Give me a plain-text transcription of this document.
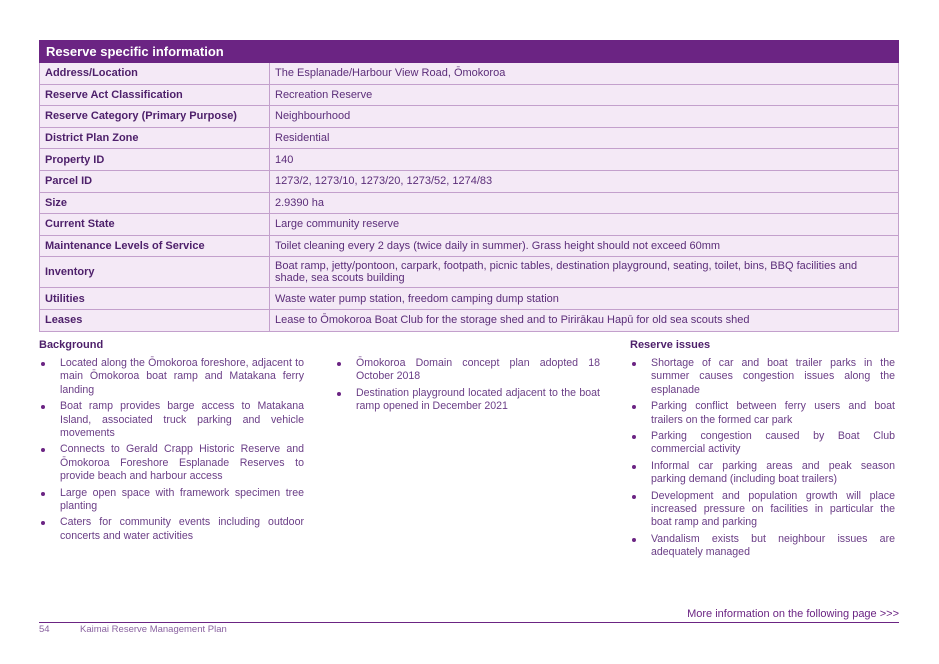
Reserve specific information	
Address/Location	The Esplanade/Harbour View Road, Ōmokoroa
Reserve Act Classification	Recreation Reserve
Reserve Category (Primary Purpose)	Neighbourhood
District Plan Zone	Residential
Property ID	140
Parcel ID	1273/2, 1273/10, 1273/20, 1273/52, 1274/83
Size	2.9390 ha
Current State	Large community reserve
Maintenance Levels of Service	Toilet cleaning every 2 days (twice daily in summer). Grass height should not exceed 60mm
Inventory	Boat ramp, jetty/pontoon, carpark, footpath, picnic tables, destination playground, seating, toilet, bins, BBQ facilities and shade, sea scouts building
Utilities	Waste water pump station, freedom camping dump station
Leases	Lease to Ōmokoroa Boat Club for the storage shed and to Pirirākau Hapū for old sea scouts shed
Background
Located along the Ōmokoroa foreshore, adjacent to main Ōmokoroa boat ramp and Matakana ferry landing
Boat ramp provides barge access to Matakana Island, associated truck parking and vehicle movements
Connects to Gerald Crapp Historic Reserve and Ōmokoroa Foreshore Esplanade Reserves to provide beach and harbour access
Large open space with framework specimen tree planting
Caters for community events including outdoor concerts and water activities

Ōmokoroa Domain concept plan adopted 18 October 2018
Destination playground located adjacent to the boat ramp opened in December 2021
Reserve issues
Shortage of car and boat trailer parks in the summer causes congestion issues along the esplanade
Parking conflict between ferry users and boat trailers on the formed car park
Parking congestion caused by Boat Club commercial activity
Informal car parking areas and peak season parking demand (including boat trailers)
Development and population growth will place increased pressure on facilities in particular the boat ramp and parking
Vandalism exists but neighbour issues are adequately managed
More information on the following page >>>
54	Kaimai Reserve Management Plan
